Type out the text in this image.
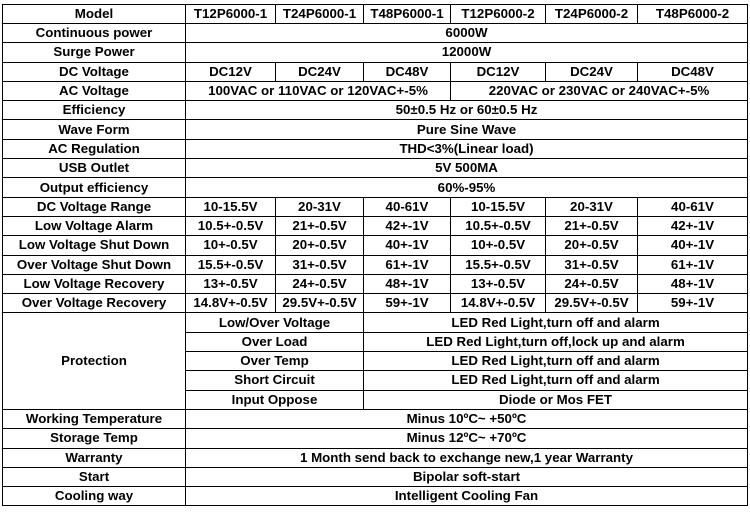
Model	T12P6000-1	T24P6000-1	T48P6000-1	T12P6000-2	T24P6000-2	T48P6000-2
Continuous power	6000W					
Surge Power	12000W					
DC Voltage	DC12V	DC24V	DC48V	DC12V	DC24V	DC48V
AC Voltage	100VAC or 110VAC or 120VAC+-5%			220VAC or 230VAC or 240VAC+-5%		
Efficiency	50±0.5 Hz or 60±0.5 Hz					
Wave Form	Pure Sine Wave					
AC Regulation	THD<3%(Linear load)					
USB Outlet	5V 500MA					
Output efficiency	60%-95%					
DC Voltage Range	10-15.5V	20-31V	40-61V	10-15.5V	20-31V	40-61V
Low Voltage Alarm	10.5+-0.5V	21+-0.5V	42+-1V	10.5+-0.5V	21+-0.5V	42+-1V
Low Voltage Shut Down	10+-0.5V	20+-0.5V	40+-1V	10+-0.5V	20+-0.5V	40+-1V
Over Voltage Shut Down	15.5+-0.5V	31+-0.5V	61+-1V	15.5+-0.5V	31+-0.5V	61+-1V
Low Voltage Recovery	13+-0.5V	24+-0.5V	48+-1V	13+-0.5V	24+-0.5V	48+-1V
Over Voltage Recovery	14.8V+-0.5V	29.5V+-0.5V	59+-1V	14.8V+-0.5V	29.5V+-0.5V	59+-1V
Protection	Low/Over Voltage		LED Red Light,turn off and alarm			
	Over Load		LED Red Light,turn off,lock up and alarm			
	Over Temp		LED Red Light,turn off and alarm			
	Short Circuit		LED Red Light,turn off and alarm			
	Input Oppose		Diode or Mos FET			
Working Temperature	Minus 10ºC~ +50ºC					
Storage Temp	Minus 12ºC~ +70ºC					
Warranty	1 Month send back to exchange new,1 year Warranty					
Start	Bipolar soft-start					
Cooling way	Intelligent Cooling Fan					
